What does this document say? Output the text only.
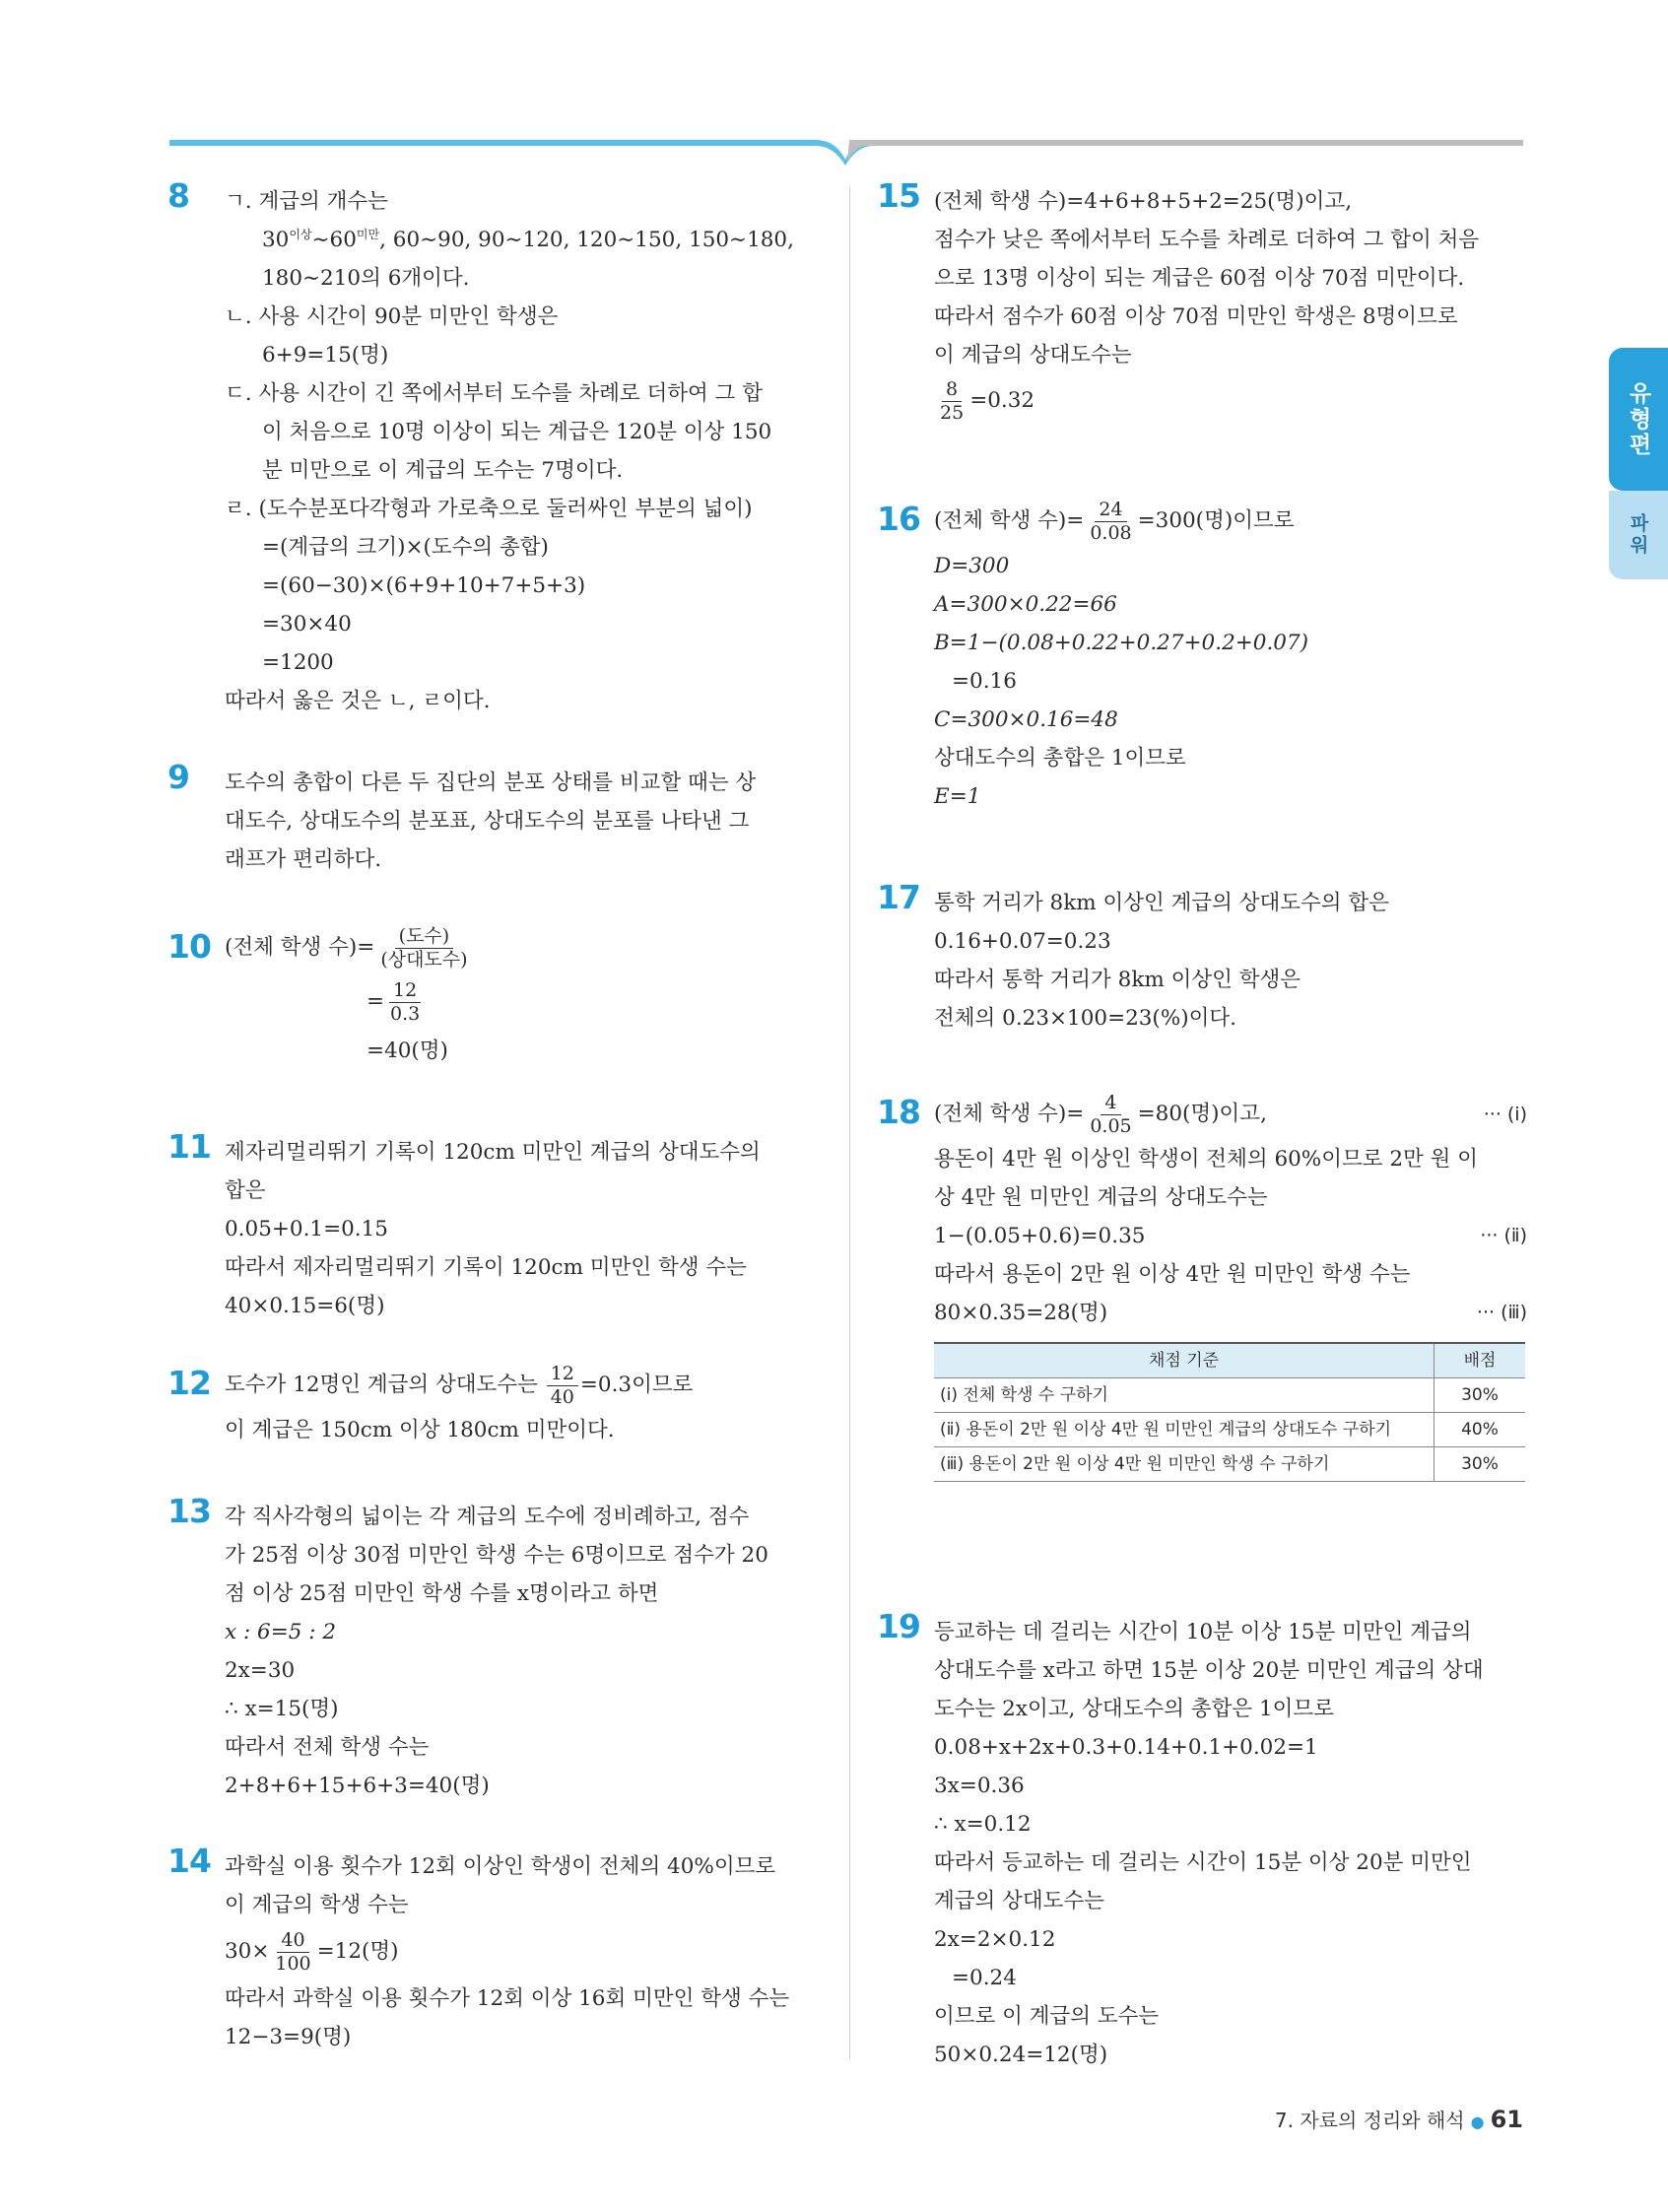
8 ㄱ. 계급의 개수는
$30^{이상}\sim 60^{미만}$, 60∼90, 90∼120, 120∼150, 150∼180,
180∼210의 6개이다.
ㄴ. 사용 시간이 90분 미만인 학생은
6+9=15(명)
ㄷ. 사용 시간이 긴 쪽에서부터 도수를 차례로 더하여 그 합
이 처음으로 10명 이상이 되는 계급은 120분 이상 150
분 미만으로 이 계급의 도수는 7명이다.
ㄹ. (도수분포다각형과 가로축으로 둘러싸인 부분의 넓이)
=(계급의 크기)×(도수의 총합)
=(60−30)×(6+9+10+7+5+3)
=30×40
=1200
따라서 옳은 것은 ㄴ, ㄹ이다.
9 도수의 총합이 다른 두 집단의 분포 상태를 비교할 때는 상
대도수, 상대도수의 분포표, 상대도수의 분포를 나타낸 그
래프가 편리하다.
10 (전체 학생 수)= $\frac{\text{(도수)}}{\text{(상대도수)}}$
= $\frac{12}{0.3}$
=40(명)
11 제자리멀리뛰기 기록이 120cm 미만인 계급의 상대도수의
합은
0.05+0.1=0.15
따라서 제자리멀리뛰기 기록이 120cm 미만인 학생 수는
40×0.15=6(명)
12 도수가 12명인 계급의 상대도수는 $\frac{12}{40} =0.3$이므로
이 계급은 150cm 이상 180cm 미만이다.
13 각 직사각형의 넓이는 각 계급의 도수에 정비례하고, 점수
가 25점 이상 30점 미만인 학생 수는 6명이므로 점수가 20
점 이상 25점 미만인 학생 수를 x명이라고 하면
x : 6=5 : 2
2x=30
∴ x=15(명)
따라서 전체 학생 수는
2+8+6+15+6+3=40(명)
14 과학실 이용 횟수가 12회 이상인 학생이 전체의 40%이므로
이 계급의 학생 수는
$30\times \frac{40}{100} =12$(명)
따라서 과학실 이용 횟수가 12회 이상 16회 미만인 학생 수는
12−3=9(명)
15 (전체 학생 수)=4+6+8+5+2=25(명)이고,
점수가 낮은 쪽에서부터 도수를 차례로 더하여 그 합이 처음
으로 13명 이상이 되는 계급은 60점 이상 70점 미만이다.
따라서 점수가 60점 이상 70점 미만인 학생은 8명이므로
이 계급의 상대도수는
$\frac{8}{25} =0.32$
16 (전체 학생 수)= $\frac{24}{0.08} =300$(명)이므로
D=300
A=300×0.22=66
B=1−(0.08+0.22+0.27+0.2+0.07)
=0.16
C=300×0.16=48
상대도수의 총합은 1이므로
E=1
17 통학 거리가 8km 이상인 계급의 상대도수의 합은
0.16+0.07=0.23
따라서 통학 거리가 8km 이상인 학생은
전체의 0.23×100=23(%)이다.
18 (전체 학생 수)= $\frac{4}{0.05} =80$(명)이고,	··· (ⅰ)
용돈이 4만 원 이상인 학생이 전체의 60%이므로 2만 원 이
상 4만 원 미만인 계급의 상대도수는
1−(0.05+0.6)=0.35	··· (ⅱ)
따라서 용돈이 2만 원 이상 4만 원 미만인 학생 수는
80×0.35=28(명)	··· (ⅲ)
채점 기준	배점
(ⅰ) 전체 학생 수 구하기	30%
(ⅱ) 용돈이 2만 원 이상 4만 원 미만인 계급의 상대도수 구하기	40%
(ⅲ) 용돈이 2만 원 이상 4만 원 미만인 학생 수 구하기	30%
19 등교하는 데 걸리는 시간이 10분 이상 15분 미만인 계급의
상대도수를 x라고 하면 15분 이상 20분 미만인 계급의 상대
도수는 2x이고, 상대도수의 총합은 1이므로
0.08+x+2x+0.3+0.14+0.1+0.02=1
3x=0.36
∴ x=0.12
따라서 등교하는 데 걸리는 시간이 15분 이상 20분 미만인
계급의 상대도수는
2x=2×0.12
=0.24
이므로 이 계급의 도수는
50×0.24=12(명)
유형편
파워
7. 자료의 정리와 해석 ● 61
